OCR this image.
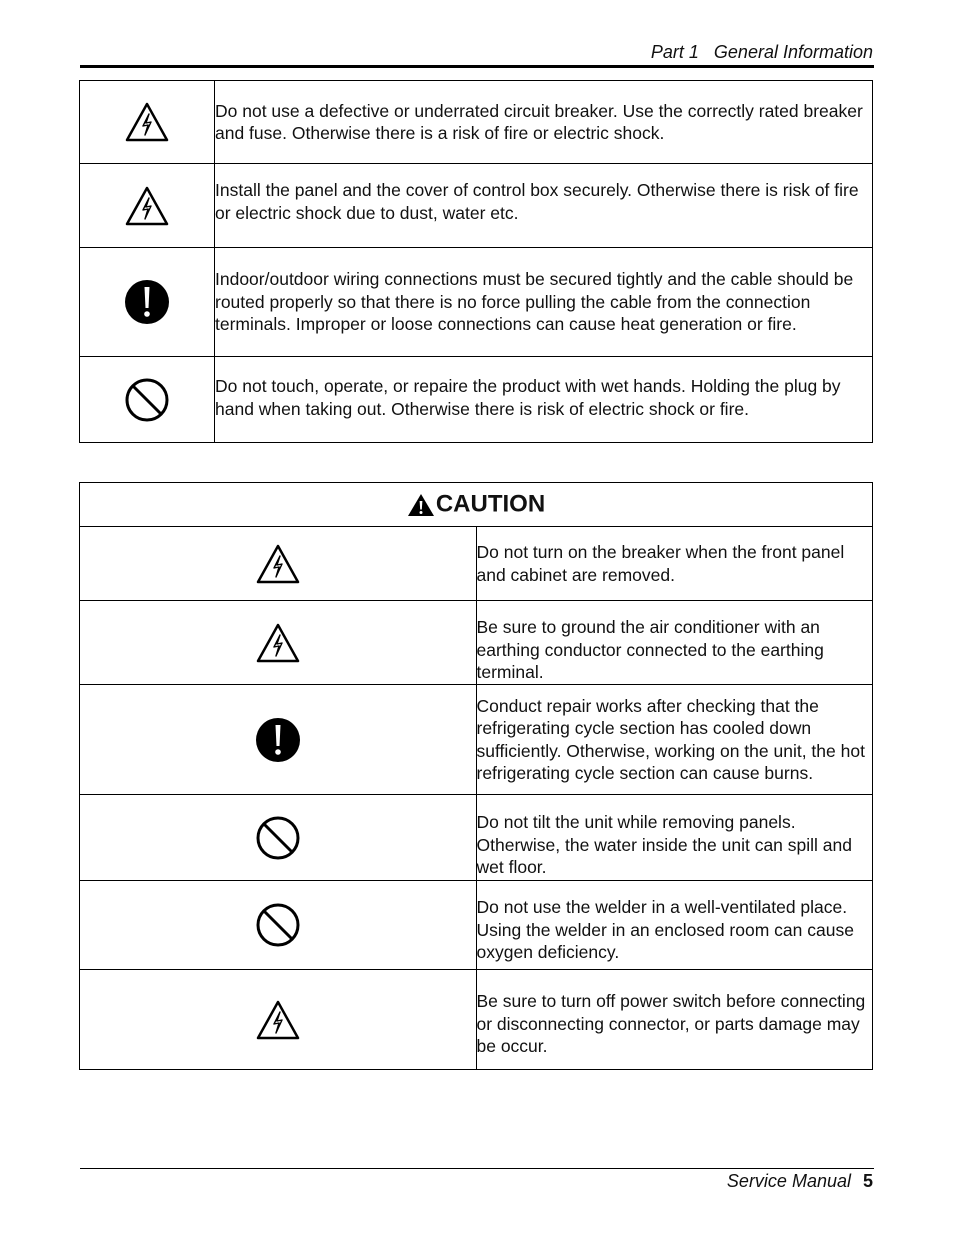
Part 1   General Information
	Do not use a defective or underrated circuit breaker. Use the correctly rated breaker and fuse. Otherwise there is a risk of fire or electric shock.
	Install the panel and the cover of control box securely. Otherwise there is risk of fire or electric shock due to dust, water etc.
	Indoor/outdoor wiring connections must be secured tightly and the cable should be routed properly so that there is no force pulling the cable from the connection terminals. Improper or loose connections can cause heat generation or fire.
	Do not touch, operate, or repaire the product with wet hands. Holding the plug by hand when taking out. Otherwise there is risk of electric shock or fire.
CAUTION	
	Do not turn on the breaker when the front panel and cabinet are removed.
	Be sure to ground the air conditioner with an earthing conductor connected to the earthing terminal.
	Conduct repair works after checking that the refrigerating cycle section has cooled down sufficiently. Otherwise, working on the unit, the hot refrigerating cycle section can cause burns.
	Do not tilt the unit while removing panels. Otherwise, the water inside the unit can spill and wet floor.
	Do not use the welder in a well-ventilated place. Using the welder in an enclosed room can cause oxygen deficiency.
	Be sure to turn off power switch before connecting or disconnecting connector, or parts damage may be occur.
Service Manual 5
